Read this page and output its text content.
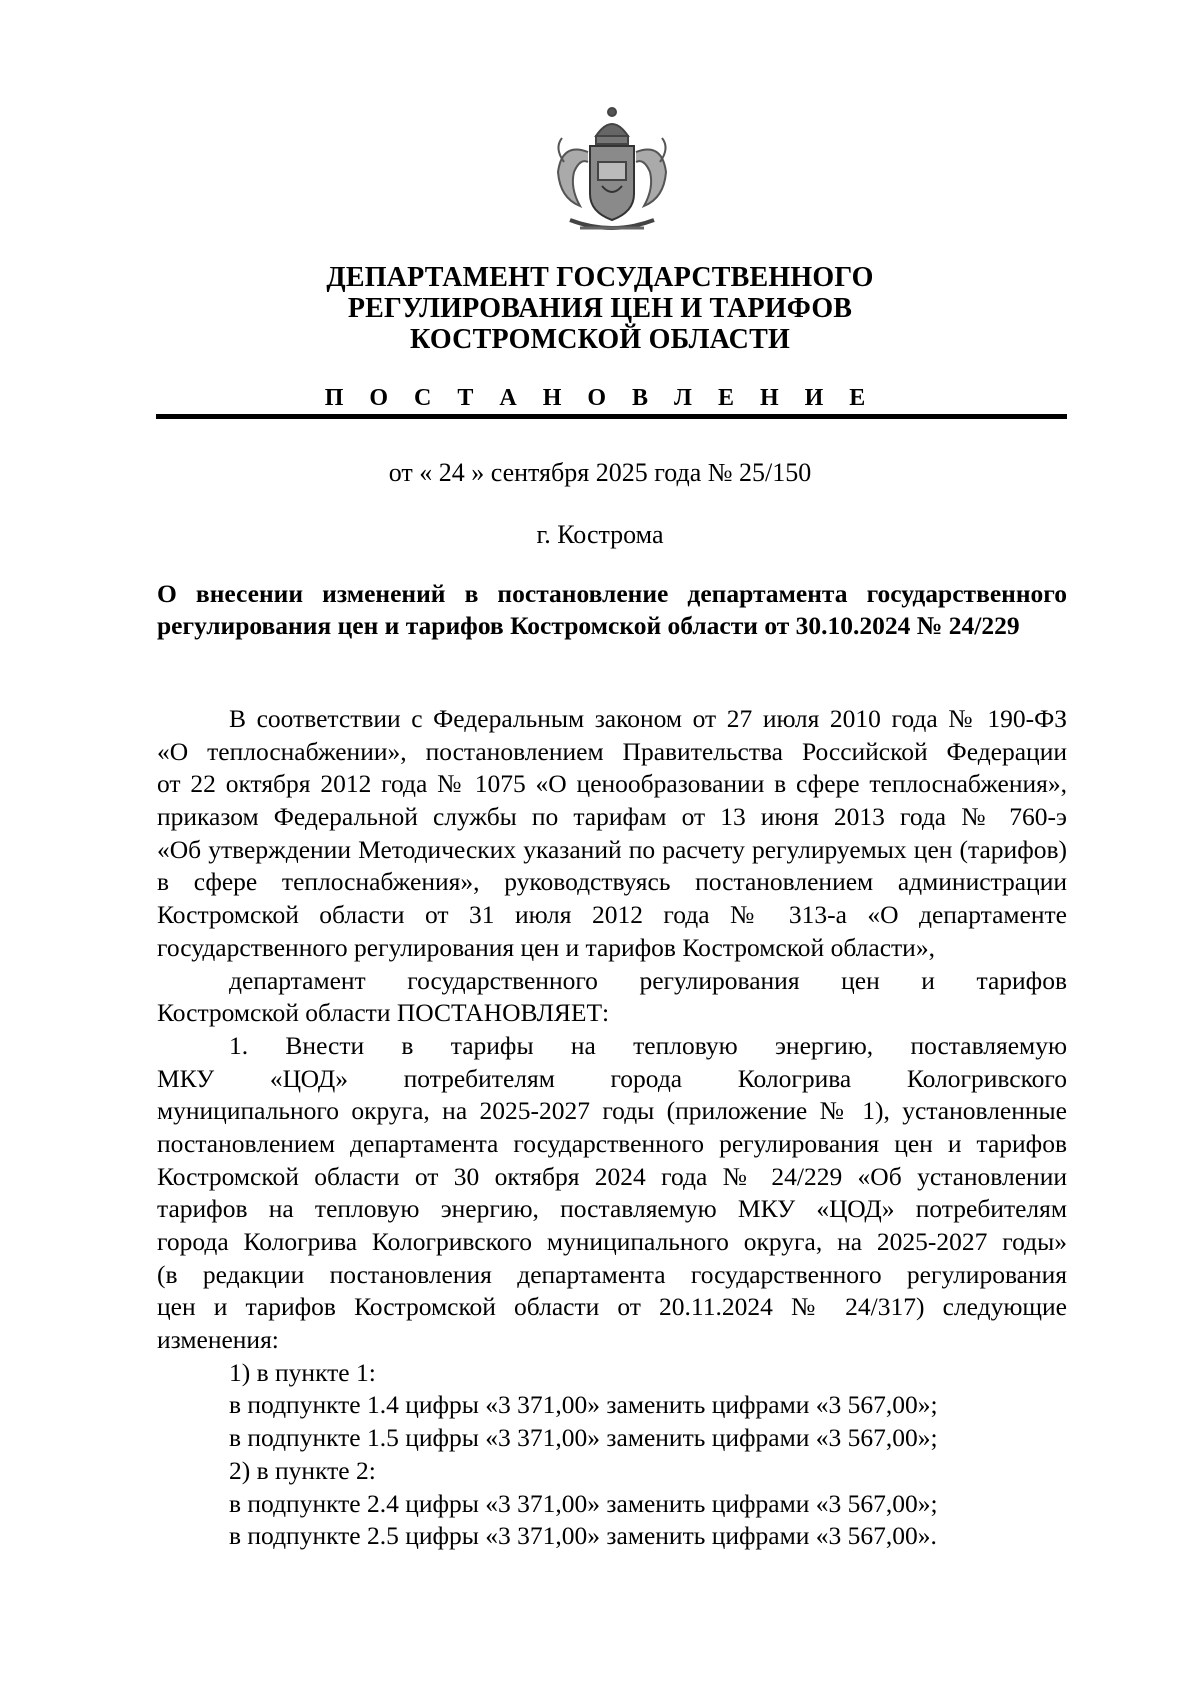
ДЕПАРТАМЕНТ ГОСУДАРСТВЕННОГО
РЕГУЛИРОВАНИЯ ЦЕН И ТАРИФОВ
КОСТРОМСКОЙ ОБЛАСТИ
П О С Т А Н О В Л Е Н И Е
от « 24 » сентября 2025 года № 25/150
г. Кострома
О внесении изменений в постановление департамента государственного
регулирования цен и тарифов Костромской области от 30.10.2024 № 24/229
В соответствии с Федеральным законом от 27 июля 2010 года № 190-ФЗ
«О теплоснабжении», постановлением Правительства Российской Федерации
от 22 октября 2012 года № 1075 «О ценообразовании в сфере теплоснабжения»,
приказом Федеральной службы по тарифам от 13 июня 2013 года № 760-э
«Об утверждении Методических указаний по расчету регулируемых цен (тарифов)
в сфере теплоснабжения», руководствуясь постановлением администрации
Костромской области от 31 июля 2012 года № 313-а «О департаменте
государственного регулирования цен и тарифов Костромской области»,
департамент государственного регулирования цен и тарифов
Костромской области ПОСТАНОВЛЯЕТ:
1. Внести в тарифы на тепловую энергию, поставляемую
МКУ «ЦОД» потребителям города Кологрива Кологривского
муниципального округа, на 2025-2027 годы (приложение № 1), установленные
постановлением департамента государственного регулирования цен и тарифов
Костромской области от 30 октября 2024 года № 24/229 «Об установлении
тарифов на тепловую энергию, поставляемую МКУ «ЦОД» потребителям
города Кологрива Кологривского муниципального округа, на 2025-2027 годы»
(в редакции постановления департамента государственного регулирования
цен и тарифов Костромской области от 20.11.2024 № 24/317) следующие
изменения:
1) в пункте 1:
в подпункте 1.4 цифры «3 371,00» заменить цифрами «3 567,00»;
в подпункте 1.5 цифры «3 371,00» заменить цифрами «3 567,00»;
2) в пункте 2:
в подпункте 2.4 цифры «3 371,00» заменить цифрами «3 567,00»;
в подпункте 2.5 цифры «3 371,00» заменить цифрами «3 567,00».
